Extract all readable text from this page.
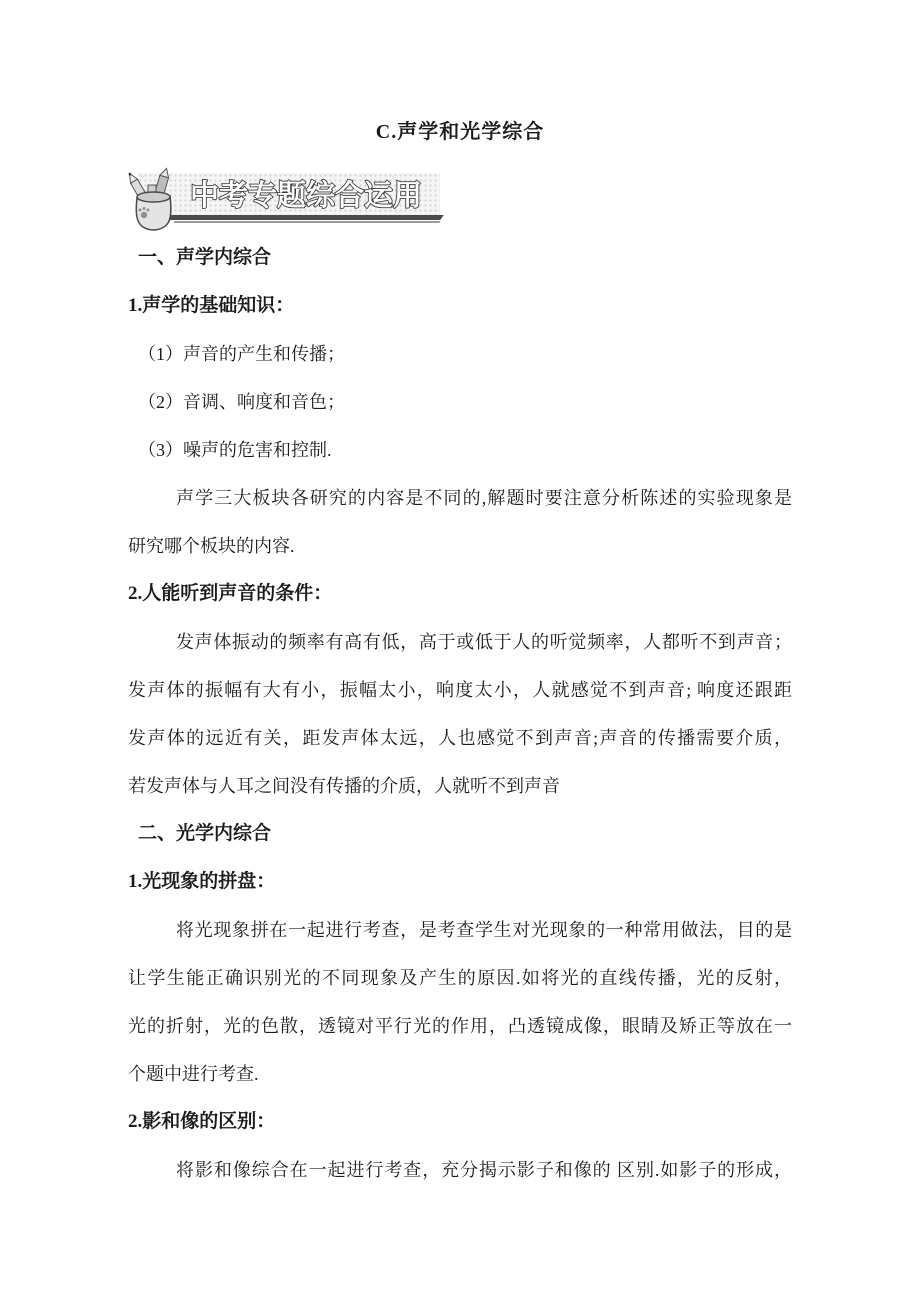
C.声学和光学综合
中考专题综合运用
一、声学内综合
1.声学的基础知识：
（1）声音的产生和传播；
（2）音调、响度和音色；
（3）噪声的危害和控制.
声学三大板块各研究的内容是不同的,解题时要注意分析陈述的实验现象是
研究哪个板块的内容.
2.人能听到声音的条件：
发声体振动的频率有高有低，高于或低于人的听觉频率，人都听不到声音；
发声体的振幅有大有小，振幅太小，响度太小，人就感觉不到声音; 响度还跟距
发声体的远近有关，距发声体太远，人也感觉不到声音;声音的传播需要介质，
若发声体与人耳之间没有传播的介质，人就听不到声音
二、光学内综合
1.光现象的拼盘：
将光现象拼在一起进行考查，是考查学生对光现象的一种常用做法，目的是
让学生能正确识别光的不同现象及产生的原因.如将光的直线传播，光的反射，
光的折射，光的色散，透镜对平行光的作用，凸透镜成像，眼睛及矫正等放在一
个题中进行考查.
2.影和像的区别：
将影和像综合在一起进行考查，充分揭示影子和像的 区别.如影子的形成，
